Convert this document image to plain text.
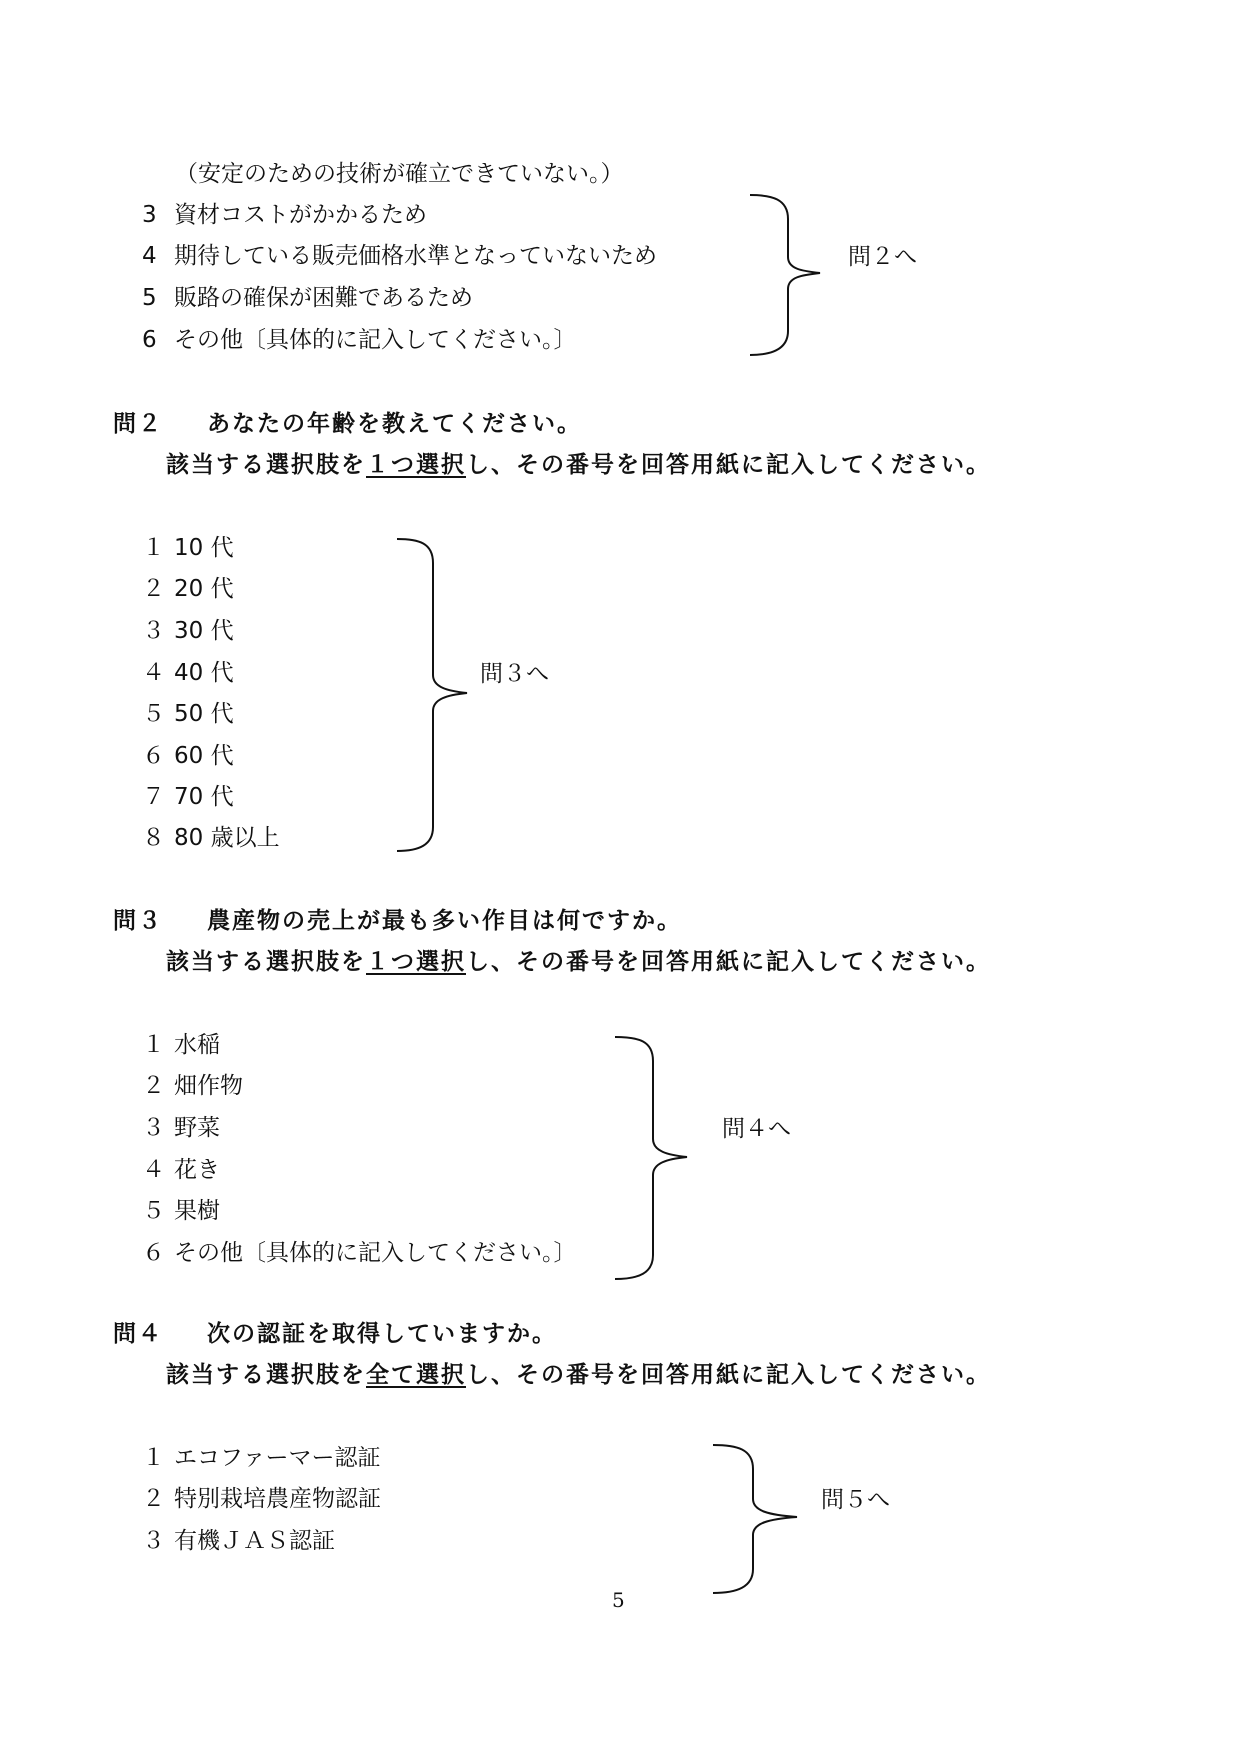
（安定のための技術が確立できていない。）
3 資材コストがかかるため
4 期待している販売価格水準となっていないため
5 販路の確保が困難であるため
6 その他〔具体的に記入してください。〕
問２へ
問２ あなたの年齢を教えてください。
該当する選択肢を１つ選択し、その番号を回答用紙に記入してください。
１ 10 代
２ 20 代
３ 30 代
４ 40 代
５ 50 代
６ 60 代
７ 70 代
８ 80 歳以上
問３へ
問３ 農産物の売上が最も多い作目は何ですか。
該当する選択肢を１つ選択し、その番号を回答用紙に記入してください。
１ 水稲
２ 畑作物
３ 野菜
４ 花き
５ 果樹
６ その他〔具体的に記入してください。〕
問４へ
問４ 次の認証を取得していますか。
該当する選択肢を全て選択し、その番号を回答用紙に記入してください。
１ エコファーマー認証
２ 特別栽培農産物認証
３ 有機ＪＡＳ認証
問５へ
5
